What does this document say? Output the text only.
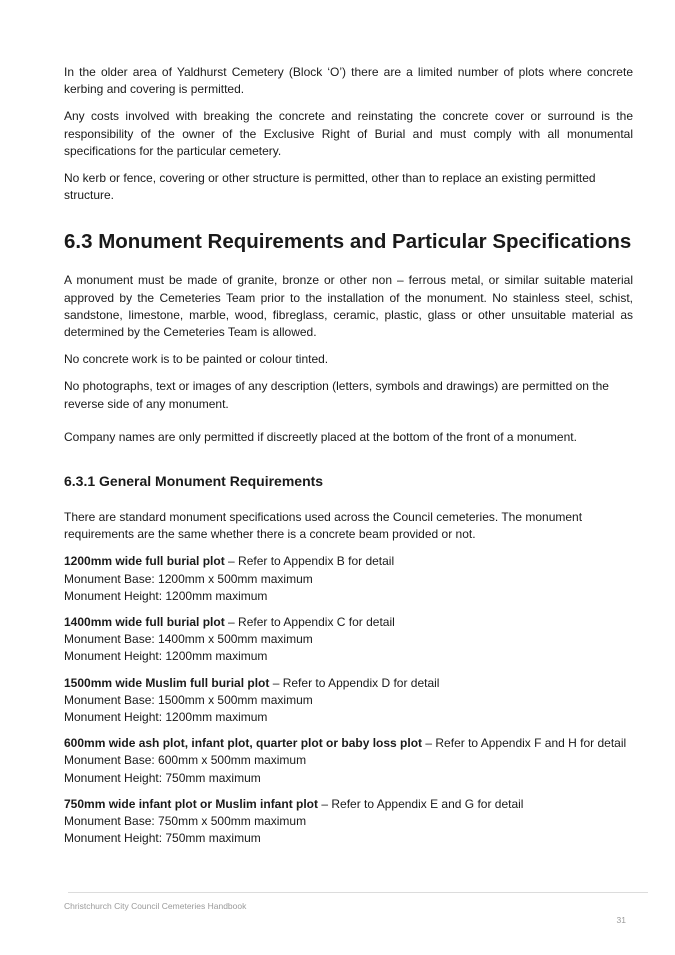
In the older area of Yaldhurst Cemetery (Block ‘O’) there are a limited number of plots where concrete kerbing and covering is permitted.

Any costs involved with breaking the concrete and reinstating the concrete cover or surround is the responsibility of the owner of the Exclusive Right of Burial and must comply with all monumental specifications for the particular cemetery.

No kerb or fence, covering or other structure is permitted, other than to replace an existing permitted structure.

6.3 Monument Requirements and Particular Specifications

A monument must be made of granite, bronze or other non – ferrous metal, or similar suitable material approved by the Cemeteries Team prior to the installation of the monument. No stainless steel, schist, sandstone, limestone, marble, wood, fibreglass, ceramic, plastic, glass or other unsuitable material as determined by the Cemeteries Team is allowed.

No concrete work is to be painted or colour tinted.

No photographs, text or images of any description (letters, symbols and drawings) are permitted on the reverse side of any monument.

Company names are only permitted if discreetly placed at the bottom of the front of a monument.

6.3.1 General Monument Requirements

There are standard monument specifications used across the Council cemeteries. The monument requirements are the same whether there is a concrete beam provided or not.

1200mm wide full burial plot – Refer to Appendix B for detail

Monument Base: 1200mm x 500mm maximum

Monument Height: 1200mm maximum

1400mm wide full burial plot – Refer to Appendix C for detail

Monument Base: 1400mm x 500mm maximum

Monument Height: 1200mm maximum

1500mm wide Muslim full burial plot – Refer to Appendix D for detail

Monument Base: 1500mm x 500mm maximum

Monument Height: 1200mm maximum

600mm wide ash plot, infant plot, quarter plot or baby loss plot – Refer to Appendix F and H for detail

Monument Base: 600mm x 500mm maximum

Monument Height: 750mm maximum

750mm wide infant plot or Muslim infant plot – Refer to Appendix E and G for detail

Monument Base: 750mm x 500mm maximum

Monument Height: 750mm maximum

Christchurch City Council Cemeteries Handbook
31
